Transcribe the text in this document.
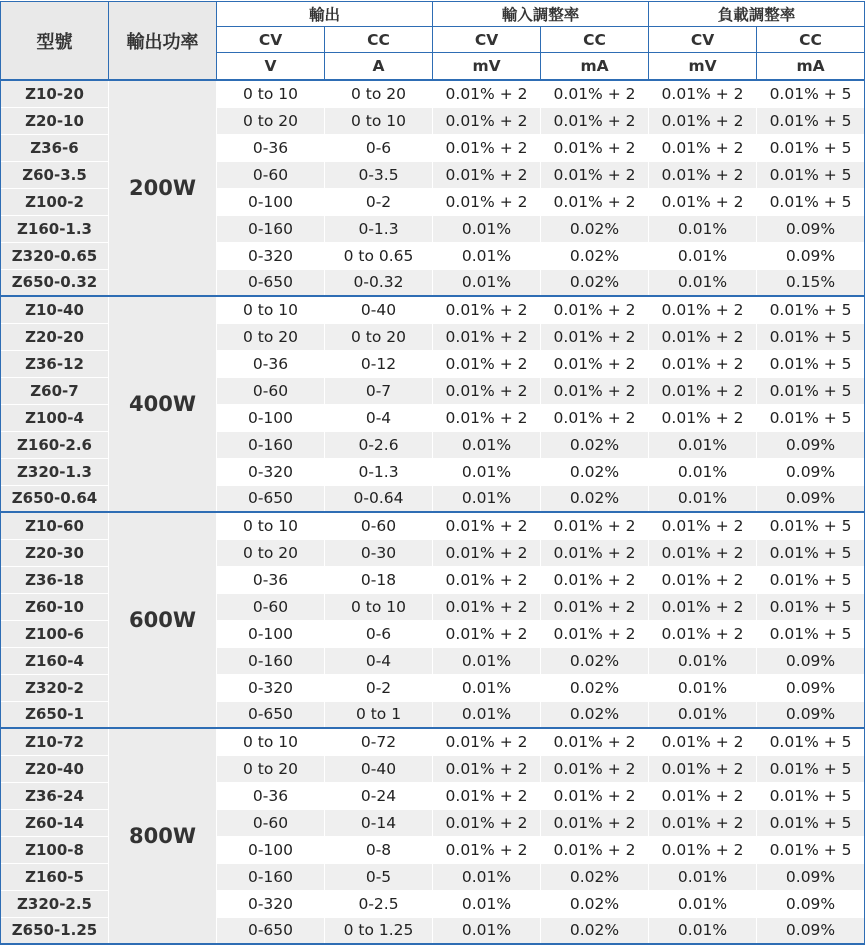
型號	輸出功率	輸出		輸入調整率		負載調整率	
		CV	CC	CV	CC	CV	CC
		V	A	mV	mA	mV	mA
Z10-20	200W	0 to 10	0 to 20	0.01% + 2	0.01% + 2	0.01% + 2	0.01% + 5
Z20-10		0 to 20	0 to 10	0.01% + 2	0.01% + 2	0.01% + 2	0.01% + 5
Z36-6		0-36	0-6	0.01% + 2	0.01% + 2	0.01% + 2	0.01% + 5
Z60-3.5		0-60	0-3.5	0.01% + 2	0.01% + 2	0.01% + 2	0.01% + 5
Z100-2		0-100	0-2	0.01% + 2	0.01% + 2	0.01% + 2	0.01% + 5
Z160-1.3		0-160	0-1.3	0.01%	0.02%	0.01%	0.09%
Z320-0.65		0-320	0 to 0.65	0.01%	0.02%	0.01%	0.09%
Z650-0.32		0-650	0-0.32	0.01%	0.02%	0.01%	0.15%
Z10-40	400W	0 to 10	0-40	0.01% + 2	0.01% + 2	0.01% + 2	0.01% + 5
Z20-20		0 to 20	0 to 20	0.01% + 2	0.01% + 2	0.01% + 2	0.01% + 5
Z36-12		0-36	0-12	0.01% + 2	0.01% + 2	0.01% + 2	0.01% + 5
Z60-7		0-60	0-7	0.01% + 2	0.01% + 2	0.01% + 2	0.01% + 5
Z100-4		0-100	0-4	0.01% + 2	0.01% + 2	0.01% + 2	0.01% + 5
Z160-2.6		0-160	0-2.6	0.01%	0.02%	0.01%	0.09%
Z320-1.3		0-320	0-1.3	0.01%	0.02%	0.01%	0.09%
Z650-0.64		0-650	0-0.64	0.01%	0.02%	0.01%	0.09%
Z10-60	600W	0 to 10	0-60	0.01% + 2	0.01% + 2	0.01% + 2	0.01% + 5
Z20-30		0 to 20	0-30	0.01% + 2	0.01% + 2	0.01% + 2	0.01% + 5
Z36-18		0-36	0-18	0.01% + 2	0.01% + 2	0.01% + 2	0.01% + 5
Z60-10		0-60	0 to 10	0.01% + 2	0.01% + 2	0.01% + 2	0.01% + 5
Z100-6		0-100	0-6	0.01% + 2	0.01% + 2	0.01% + 2	0.01% + 5
Z160-4		0-160	0-4	0.01%	0.02%	0.01%	0.09%
Z320-2		0-320	0-2	0.01%	0.02%	0.01%	0.09%
Z650-1		0-650	0 to 1	0.01%	0.02%	0.01%	0.09%
Z10-72	800W	0 to 10	0-72	0.01% + 2	0.01% + 2	0.01% + 2	0.01% + 5
Z20-40		0 to 20	0-40	0.01% + 2	0.01% + 2	0.01% + 2	0.01% + 5
Z36-24		0-36	0-24	0.01% + 2	0.01% + 2	0.01% + 2	0.01% + 5
Z60-14		0-60	0-14	0.01% + 2	0.01% + 2	0.01% + 2	0.01% + 5
Z100-8		0-100	0-8	0.01% + 2	0.01% + 2	0.01% + 2	0.01% + 5
Z160-5		0-160	0-5	0.01%	0.02%	0.01%	0.09%
Z320-2.5		0-320	0-2.5	0.01%	0.02%	0.01%	0.09%
Z650-1.25		0-650	0 to 1.25	0.01%	0.02%	0.01%	0.09%
